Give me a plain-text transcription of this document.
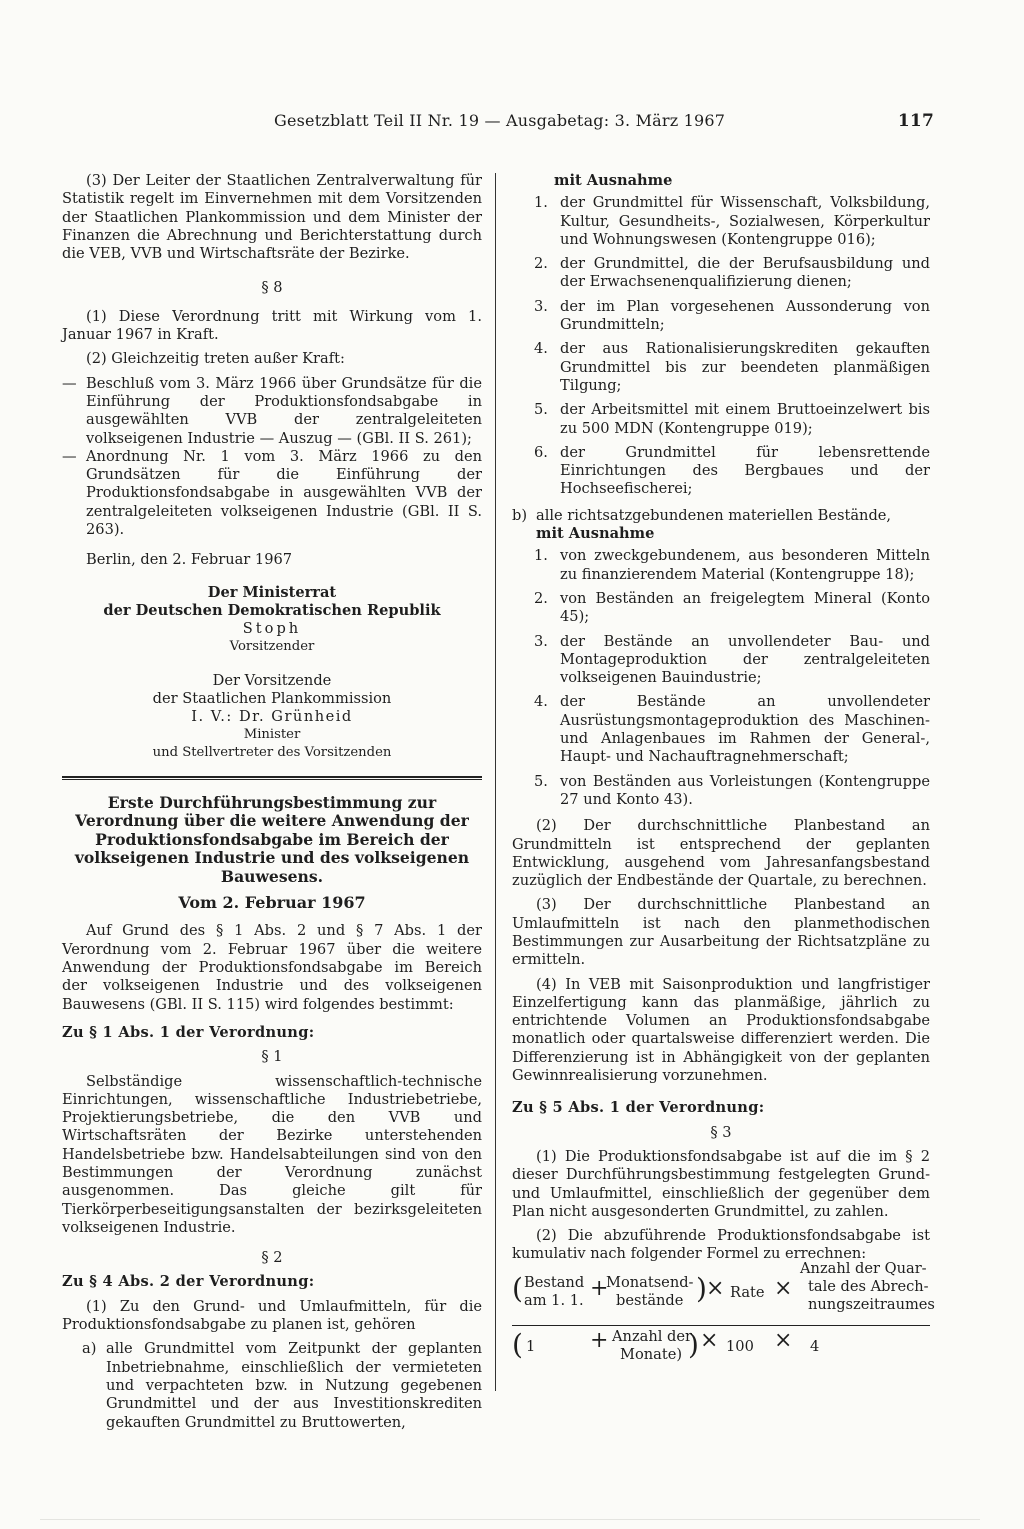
Gesetzblatt Teil II Nr. 19 — Ausgabetag: 3. März 1967	117

(3) Der Leiter der Staatlichen Zentralverwaltung für Statistik regelt im Einvernehmen mit dem Vorsitzenden der Staatlichen Plankommission und dem Minister der Finanzen die Abrechnung und Berichterstattung durch die VEB, VVB und Wirtschaftsräte der Bezirke.

§ 8

(1) Diese Verordnung tritt mit Wirkung vom 1. Januar 1967 in Kraft.

(2) Gleichzeitig treten außer Kraft:

— Beschluß vom 3. März 1966 über Grundsätze für die Einführung der Produktionsfondsabgabe in ausgewählten VVB der zentralgeleiteten volkseigenen Industrie — Auszug — (GBl. II S. 261);
— Anordnung Nr. 1 vom 3. März 1966 zu den Grundsätzen für die Einführung der Produktionsfondsabgabe in ausgewählten VVB der zentralgeleiteten volkseigenen Industrie (GBl. II S. 263).

Berlin, den 2. Februar 1967

Der Ministerrat
der Deutschen Demokratischen Republik
Stoph
Vorsitzender
Der Vorsitzende
der Staatlichen Plankommission
I. V.: Dr. Grünheid
Minister
und Stellvertreter des Vorsitzenden
Erste Durchführungsbestimmung zur Verordnung über die weitere Anwendung der Produktionsfondsabgabe im Bereich der volkseigenen Industrie und des volkseigenen Bauwesens.
Vom 2. Februar 1967

Auf Grund des § 1 Abs. 2 und § 7 Abs. 1 der Verordnung vom 2. Februar 1967 über die weitere Anwendung der Produktionsfondsabgabe im Bereich der volkseigenen Industrie und des volkseigenen Bauwesens (GBl. II S. 115) wird folgendes bestimmt:

Zu § 1 Abs. 1 der Verordnung:
§ 1

Selbständige wissenschaftlich-technische Einrichtungen, wissenschaftliche Industriebetriebe, Projektierungsbetriebe, die den VVB und Wirtschaftsräten der Bezirke unterstehenden Handelsbetriebe bzw. Handelsabteilungen sind von den Bestimmungen der Verordnung zunächst ausgenommen. Das gleiche gilt für Tierkörperbeseitigungsanstalten der bezirksgeleiteten volkseigenen Industrie.

§ 2
Zu § 4 Abs. 2 der Verordnung:

(1) Zu den Grund- und Umlaufmitteln, für die Produktionsfondsabgabe zu planen ist, gehören

a) alle Grundmittel vom Zeitpunkt der geplanten Inbetriebnahme, einschließlich der vermieteten und verpachteten bzw. in Nutzung gegebenen Grundmittel und der aus Investitionskrediten gekauften Grundmittel zu Bruttowerten,
mit Ausnahme
1. der Grundmittel für Wissenschaft, Volksbildung, Kultur, Gesundheits-, Sozialwesen, Körperkultur und Wohnungswesen (Kontengruppe 016);
2. der Grundmittel, die der Berufsausbildung und der Erwachsenenqualifizierung dienen;
3. der im Plan vorgesehenen Aussonderung von Grundmitteln;
4. der aus Rationalisierungskrediten gekauften Grundmittel bis zur beendeten planmäßigen Tilgung;
5. der Arbeitsmittel mit einem Bruttoeinzelwert bis zu 500 MDN (Kontengruppe 019);
6. der Grundmittel für lebensrettende Einrichtungen des Bergbaues und der Hochseefischerei;
b) alle richtsatzgebundenen materiellen Bestände,
mit Ausnahme
1. von zweckgebundenem, aus besonderen Mitteln zu finanzierendem Material (Kontengruppe 18);
2. von Beständen an freigelegtem Mineral (Konto 45);
3. der Bestände an unvollendeter Bau- und Montageproduktion der zentralgeleiteten volkseigenen Bauindustrie;
4. der Bestände an unvollendeter Ausrüstungsmontageproduktion des Maschinen- und Anlagenbaues im Rahmen der General-, Haupt- und Nachauftragnehmerschaft;
5. von Beständen aus Vorleistungen (Kontengruppe 27 und Konto 43).

(2) Der durchschnittliche Planbestand an Grundmitteln ist entsprechend der geplanten Entwicklung, ausgehend vom Jahresanfangsbestand zuzüglich der Endbestände der Quartale, zu berechnen.

(3) Der durchschnittliche Planbestand an Umlaufmitteln ist nach den planmethodischen Bestimmungen zur Ausarbeitung der Richtsatzpläne zu ermitteln.

(4) In VEB mit Saisonproduktion und langfristiger Einzelfertigung kann das planmäßige, jährlich zu entrichtende Volumen an Produktionsfondsabgabe monatlich oder quartalsweise differenziert werden. Die Differenzierung ist in Abhängigkeit von der geplanten Gewinnrealisierung vorzunehmen.

Zu § 5 Abs. 1 der Verordnung:
§ 3

(1) Die Produktionsfondsabgabe ist auf die im § 2 dieser Durchführungsbestimmung festgelegten Grund- und Umlaufmittel, einschließlich der gegenüber dem Plan nicht ausgesonderten Grundmittel, zu zahlen.

(2) Die abzuführende Produktionsfondsabgabe ist kumulativ nach folgender Formel zu errechnen:

( Bestand
am 1. 1. +
Monatsend-
bestände ) × Rate ×
Anzahl der Quar-
tale des Abrech-
nungszeitraumes
( 1 + Anzahl der
Monate) ) × 100 × 4
